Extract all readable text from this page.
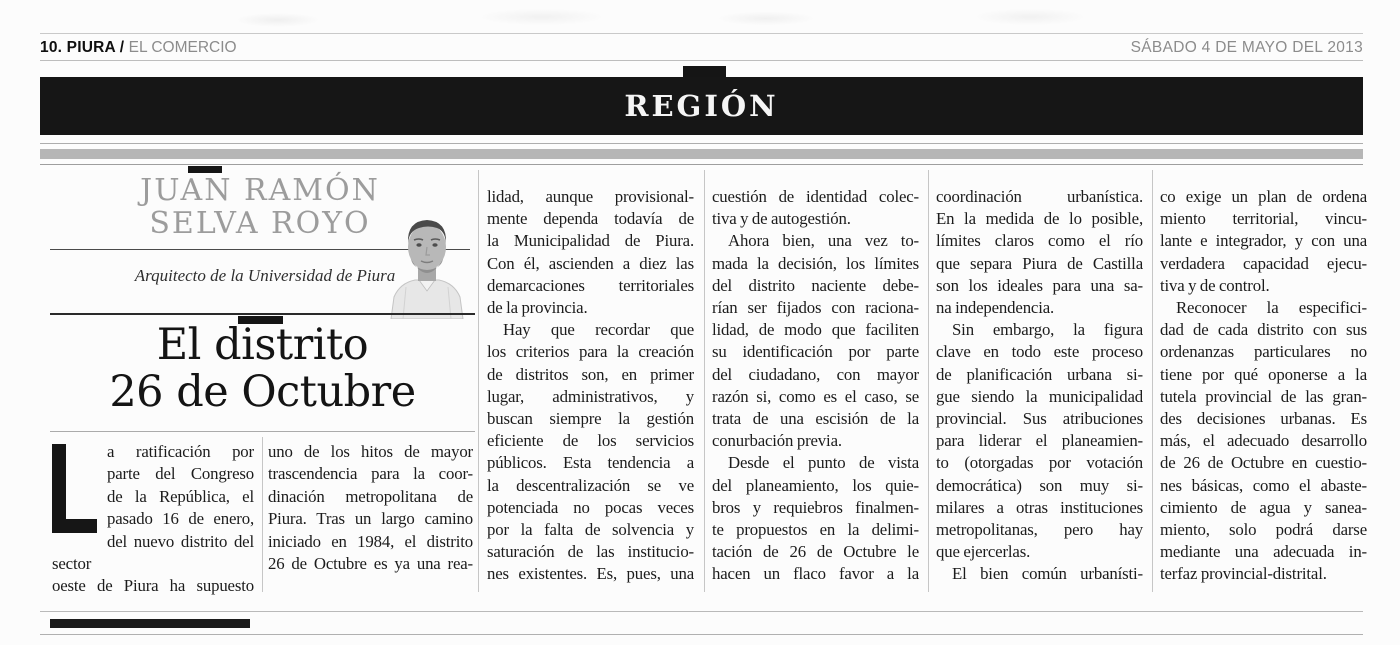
10. PIURA / EL COMERCIO	SÁBADO 4 DE MAYO DEL 2013
REGIÓN
JUAN RAMÓN
SELVA ROYO
Arquitecto de la Universidad de Piura
El distrito
26 de Octubre
a ratificación por
parte del Congreso
de la República, el
pasado 16 de enero,
del nuevo distrito del sector
oeste de Piura ha supuesto
uno de los hitos de mayor
trascendencia para la coor-
dinación metropolitana de
Piura. Tras un largo camino
iniciado en 1984, el distrito
26 de Octubre es ya una rea-
lidad, aunque provisional-
mente dependa todavía de
la Municipalidad de Piura.
Con él, ascienden a diez las
demarcaciones territoriales
de la provincia.
Hay que recordar que
los criterios para la creación
de distritos son, en primer
lugar, administrativos, y
buscan siempre la gestión
eficiente de los servicios
públicos. Esta tendencia a
la descentralización se ve
potenciada no pocas veces
por la falta de solvencia y
saturación de las institucio-
nes existentes. Es, pues, una
cuestión de identidad colec-
tiva y de autogestión.
Ahora bien, una vez to-
mada la decisión, los límites
del distrito naciente debe-
rían ser fijados con raciona-
lidad, de modo que faciliten
su identificación por parte
del ciudadano, con mayor
razón si, como es el caso, se
trata de una escisión de la
conurbación previa.
Desde el punto de vista
del planeamiento, los quie-
bros y requiebros finalmen-
te propuestos en la delimi-
tación de 26 de Octubre le
hacen un flaco favor a la
coordinación urbanística.
En la medida de lo posible,
límites claros como el río
que separa Piura de Castilla
son los ideales para una sa-
na independencia.
Sin embargo, la figura
clave en todo este proceso
de planificación urbana si-
gue siendo la municipalidad
provincial. Sus atribuciones
para liderar el planeamien-
to (otorgadas por votación
democrática) son muy si-
milares a otras instituciones
metropolitanas, pero hay
que ejercerlas.
El bien común urbanísti-
co exige un plan de ordena
miento territorial, vincu-
lante e integrador, y con una
verdadera capacidad ejecu-
tiva y de control.
Reconocer la especifici-
dad de cada distrito con sus
ordenanzas particulares no
tiene por qué oponerse a la
tutela provincial de las gran-
des decisiones urbanas. Es
más, el adecuado desarrollo
de 26 de Octubre en cuestio-
nes básicas, como el abaste-
cimiento de agua y sanea-
miento, solo podrá darse
mediante una adecuada in-
terfaz provincial-distrital.
